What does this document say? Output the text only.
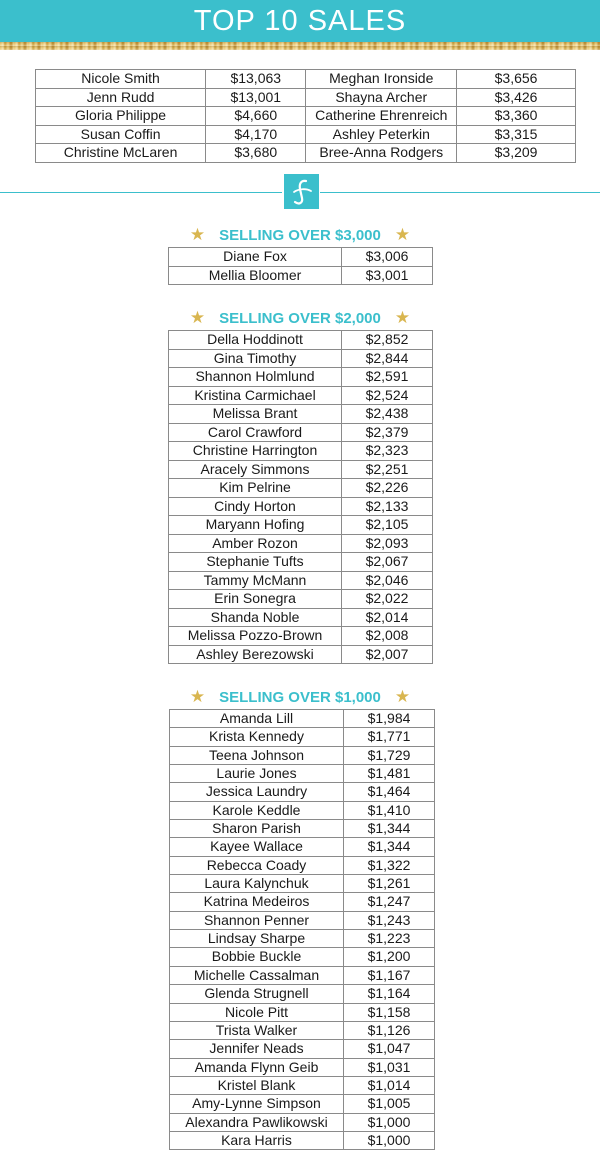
TOP 10 SALES
Nicole Smith	$13,063	Meghan Ironside	$3,656
Jenn Rudd	$13,001	Shayna Archer	$3,426
Gloria Philippe	$4,660	Catherine Ehrenreich	$3,360
Susan Coffin	$4,170	Ashley Peterkin	$3,315
Christine McLaren	$3,680	Bree-Anna Rodgers	$3,209
★ SELLING OVER $3,000 ★
Diane Fox	$3,006
Mellia Bloomer	$3,001
★ SELLING OVER $2,000 ★
Della Hoddinott	$2,852
Gina Timothy	$2,844
Shannon Holmlund	$2,591
Kristina Carmichael	$2,524
Melissa Brant	$2,438
Carol Crawford	$2,379
Christine Harrington	$2,323
Aracely Simmons	$2,251
Kim Pelrine	$2,226
Cindy Horton	$2,133
Maryann Hofing	$2,105
Amber Rozon	$2,093
Stephanie Tufts	$2,067
Tammy McMann	$2,046
Erin Sonegra	$2,022
Shanda Noble	$2,014
Melissa Pozzo-Brown	$2,008
Ashley Berezowski	$2,007
★ SELLING OVER $1,000 ★
Amanda Lill	$1,984
Krista Kennedy	$1,771
Teena Johnson	$1,729
Laurie Jones	$1,481
Jessica Laundry	$1,464
Karole Keddle	$1,410
Sharon Parish	$1,344
Kayee Wallace	$1,344
Rebecca Coady	$1,322
Laura Kalynchuk	$1,261
Katrina Medeiros	$1,247
Shannon Penner	$1,243
Lindsay Sharpe	$1,223
Bobbie Buckle	$1,200
Michelle Cassalman	$1,167
Glenda Strugnell	$1,164
Nicole Pitt	$1,158
Trista Walker	$1,126
Jennifer Neads	$1,047
Amanda Flynn Geib	$1,031
Kristel Blank	$1,014
Amy-Lynne Simpson	$1,005
Alexandra Pawlikowski	$1,000
Kara Harris	$1,000
